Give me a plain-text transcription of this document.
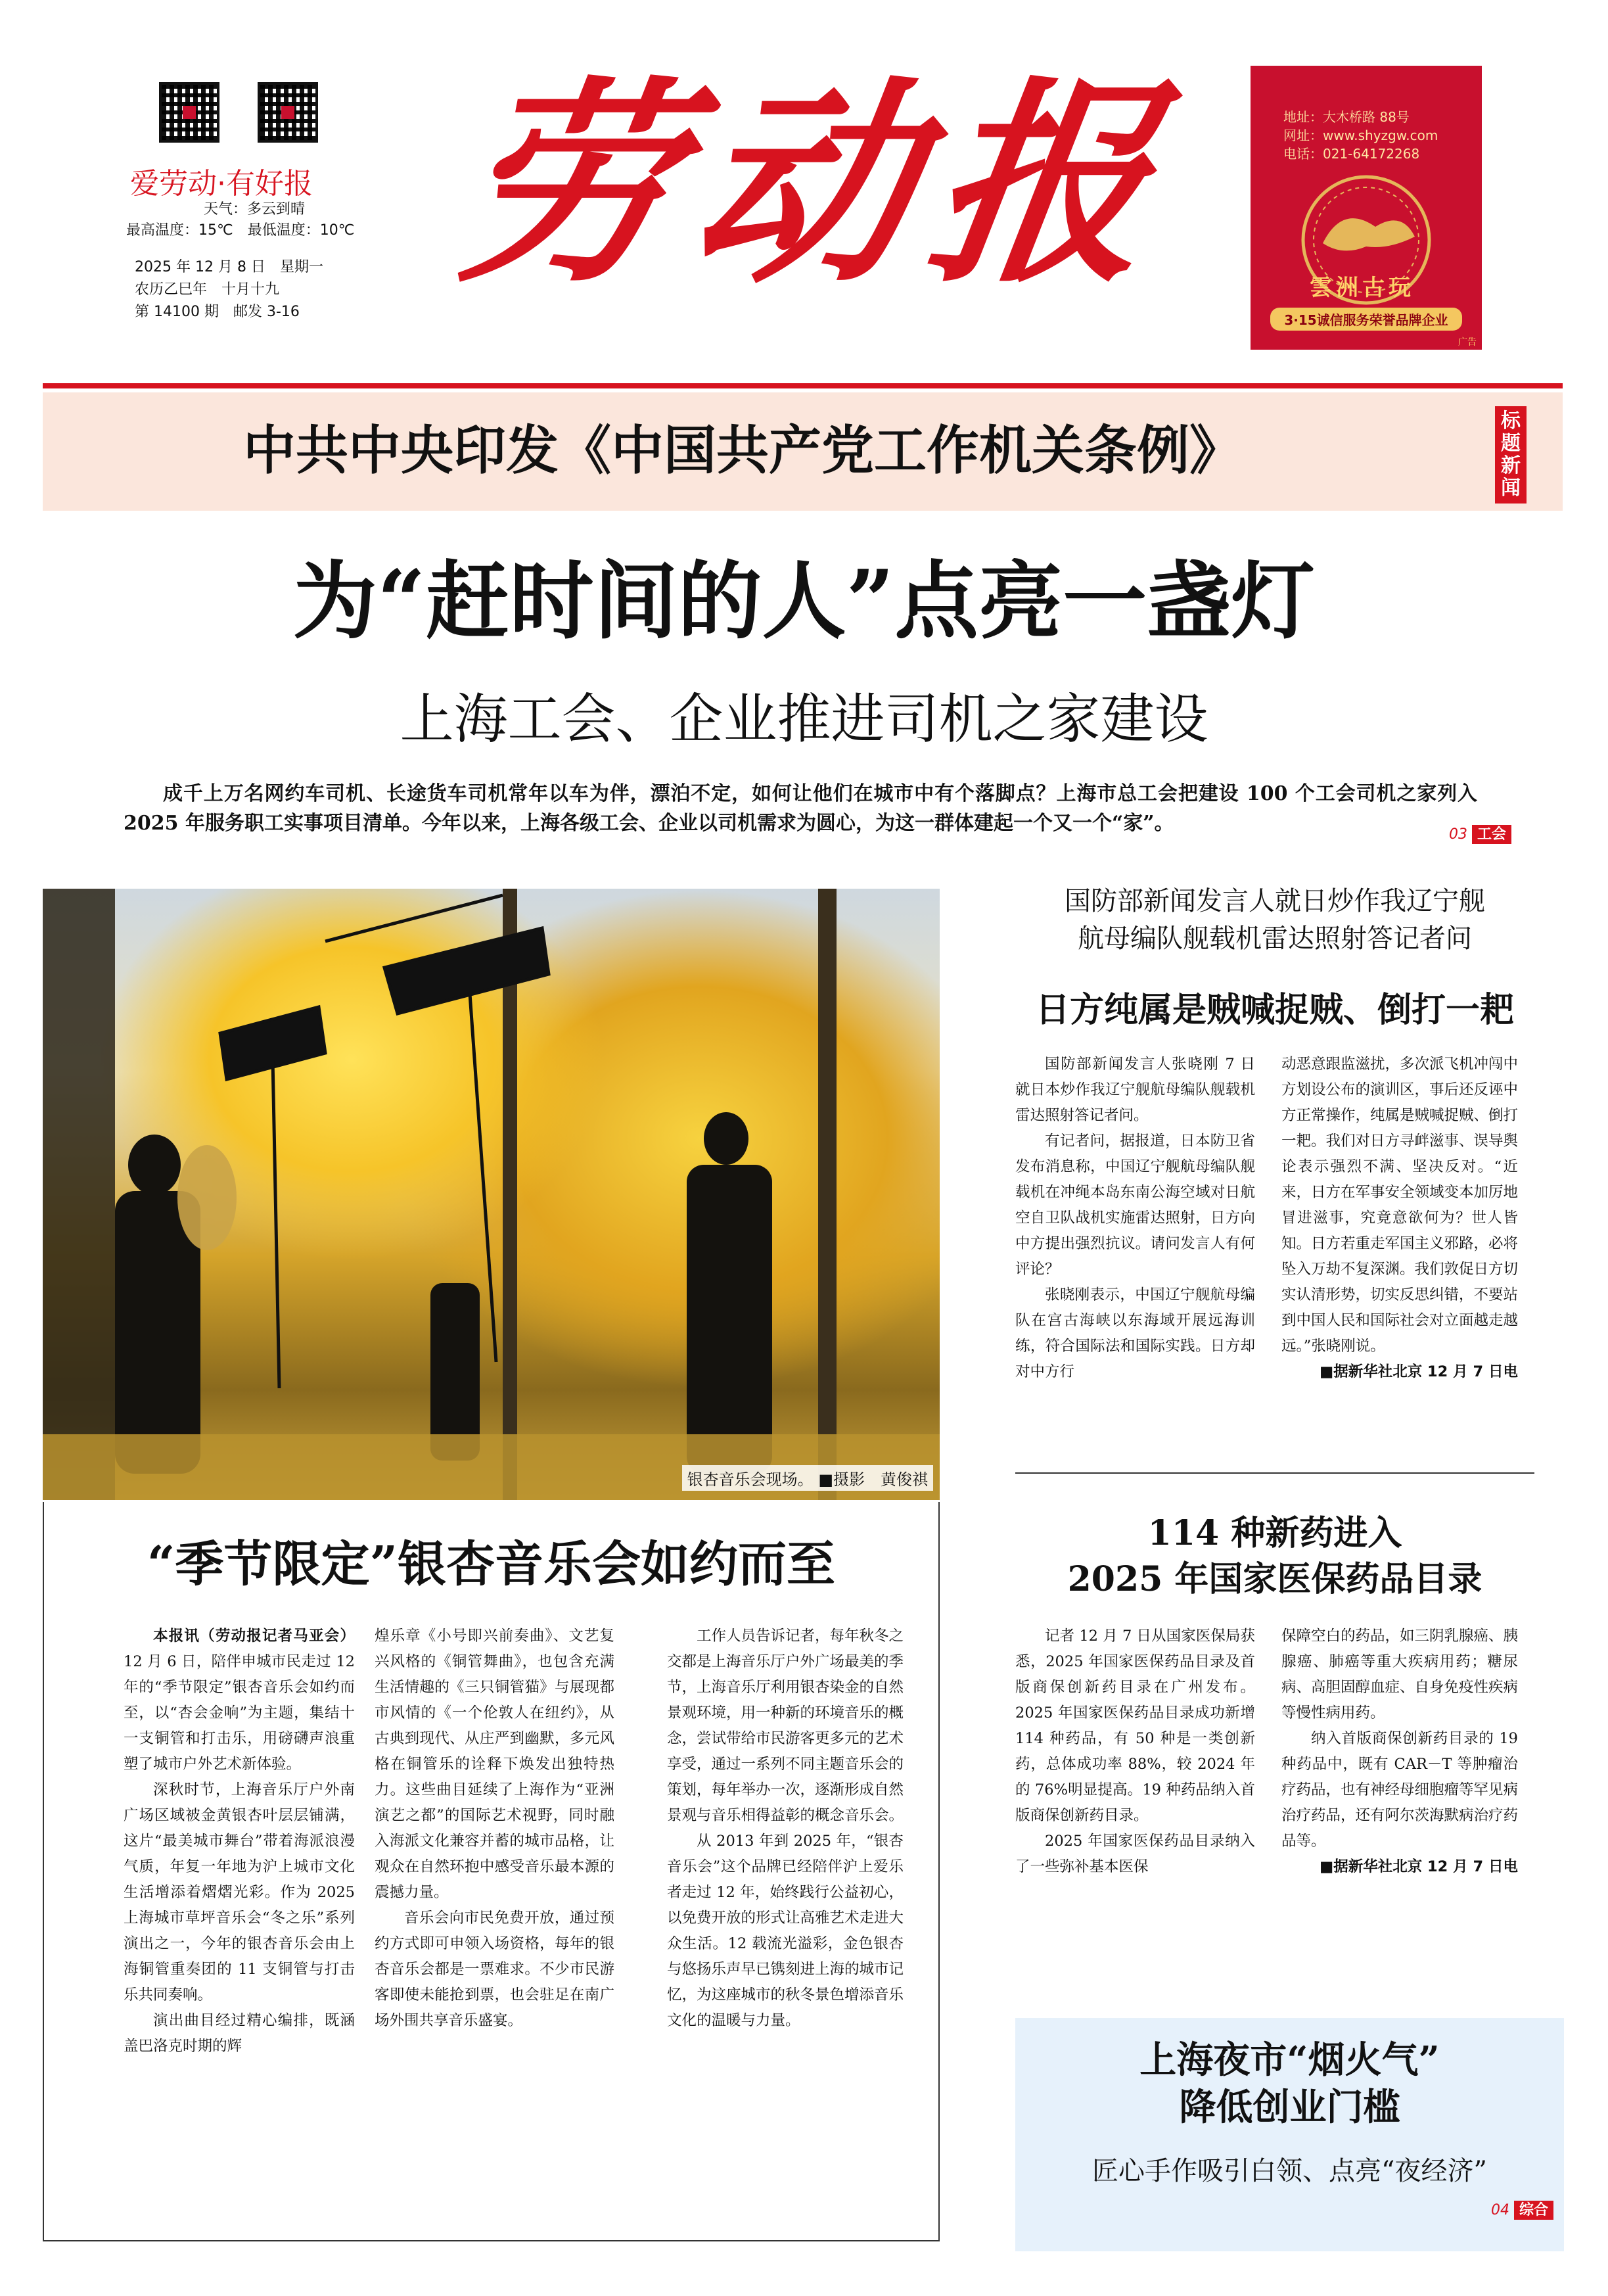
爱劳动·有好报
天气：多云到晴
最高温度：15℃　最低温度：10℃
2025 年 12 月 8 日　星期一
农历乙巳年　十月十九
第 14100 期　邮发 3-16
劳动报	地址：大木桥路 88号
网址：www.shyzgw.com
电话：021-64172268
雲洲古玩
3·15诚信服务荣誉品牌企业
广告
中共中央印发《中国共产党工作机关条例》	标题新闻
为“赶时间的人”点亮一盏灯
上海工会、企业推进司机之家建设
成千上万名网约车司机、长途货车司机常年以车为伴，漂泊不定，如何让他们在城市中有个落脚点？上海市总工会把建设 100 个工会司机之家列入 2025 年服务职工实事项目清单。今年以来，上海各级工会、企业以司机需求为圆心，为这一群体建起一个又一个“家”。	03 工会
银杏音乐会现场。 ■摄影　黄俊祺
“季节限定”银杏音乐会如约而至

本报讯（劳动报记者马亚会）12 月 6 日，陪伴申城市民走过 12 年的“季节限定”银杏音乐会如约而至，以“杏会金响”为主题，集结十一支铜管和打击乐，用磅礴声浪重塑了城市户外艺术新体验。

深秋时节，上海音乐厅户外南广场区域被金黄银杏叶层层铺满，这片“最美城市舞台”带着海派浪漫气质，年复一年地为沪上城市文化生活增添着熠熠光彩。作为 2025 上海城市草坪音乐会“冬之乐”系列演出之一，今年的银杏音乐会由上海铜管重奏团的 11 支铜管与打击乐共同奏响。

演出曲目经过精心编排，既涵盖巴洛克时期的辉

煌乐章《小号即兴前奏曲》、文艺复兴风格的《铜管舞曲》，也包含充满生活情趣的《三只铜管猫》与展现都市风情的《一个伦敦人在纽约》，从古典到现代、从庄严到幽默，多元风格在铜管乐的诠释下焕发出独特热力。这些曲目延续了上海作为“亚洲演艺之都”的国际艺术视野，同时融入海派文化兼容并蓄的城市品格，让观众在自然环抱中感受音乐最本源的震撼力量。

音乐会向市民免费开放，通过预约方式即可申领入场资格，每年的银杏音乐会都是一票难求。不少市民游客即使未能抢到票，也会驻足在南广场外围共享音乐盛宴。

工作人员告诉记者，每年秋冬之交都是上海音乐厅户外广场最美的季节，上海音乐厅利用银杏染金的自然景观环境，用一种新的环境音乐的概念，尝试带给市民游客更多元的艺术享受，通过一系列不同主题音乐会的策划，每年举办一次，逐渐形成自然景观与音乐相得益彰的概念音乐会。

从 2013 年到 2025 年，“银杏音乐会”这个品牌已经陪伴沪上爱乐者走过 12 年，始终践行公益初心，以免费开放的形式让高雅艺术走进大众生活。12 载流光溢彩，金色银杏与悠扬乐声早已镌刻进上海的城市记忆，为这座城市的秋冬景色增添音乐文化的温暖与力量。

国防部新闻发言人就日炒作我辽宁舰
航母编队舰载机雷达照射答记者问
日方纯属是贼喊捉贼、倒打一耙

国防部新闻发言人张晓刚 7 日就日本炒作我辽宁舰航母编队舰载机雷达照射答记者问。

有记者问，据报道，日本防卫省发布消息称，中国辽宁舰航母编队舰载机在冲绳本岛东南公海空域对日航空自卫队战机实施雷达照射，日方向中方提出强烈抗议。请问发言人有何评论？

张晓刚表示，中国辽宁舰航母编队在宫古海峡以东海域开展远海训练，符合国际法和国际实践。日方却对中方行

动恶意跟监滋扰，多次派飞机冲闯中方划设公布的演训区，事后还反诬中方正常操作，纯属是贼喊捉贼、倒打一耙。我们对日方寻衅滋事、误导舆论表示强烈不满、坚决反对。“近来，日方在军事安全领域变本加厉地冒进滋事，究竟意欲何为？世人皆知。日方若重走军国主义邪路，必将坠入万劫不复深渊。我们敦促日方切实认清形势，切实反思纠错，不要站到中国人民和国际社会对立面越走越远。”张晓刚说。

■据新华社北京 12 月 7 日电

114 种新药进入
2025 年国家医保药品目录

记者 12 月 7 日从国家医保局获悉，2025 年国家医保药品目录及首版商保创新药目录在广州发布。2025 年国家医保药品目录成功新增 114 种药品，有 50 种是一类创新药，总体成功率 88%，较 2024 年的 76%明显提高。19 种药品纳入首版商保创新药目录。

2025 年国家医保药品目录纳入了一些弥补基本医保

保障空白的药品，如三阴乳腺癌、胰腺癌、肺癌等重大疾病用药；糖尿病、高胆固醇血症、自身免疫性疾病等慢性病用药。

纳入首版商保创新药目录的 19 种药品中，既有 CAR－T 等肿瘤治疗药品，也有神经母细胞瘤等罕见病治疗药品，还有阿尔茨海默病治疗药品等。

■据新华社北京 12 月 7 日电

上海夜市“烟火气”
降低创业门槛
匠心手作吸引白领、点亮“夜经济”
04 综合
